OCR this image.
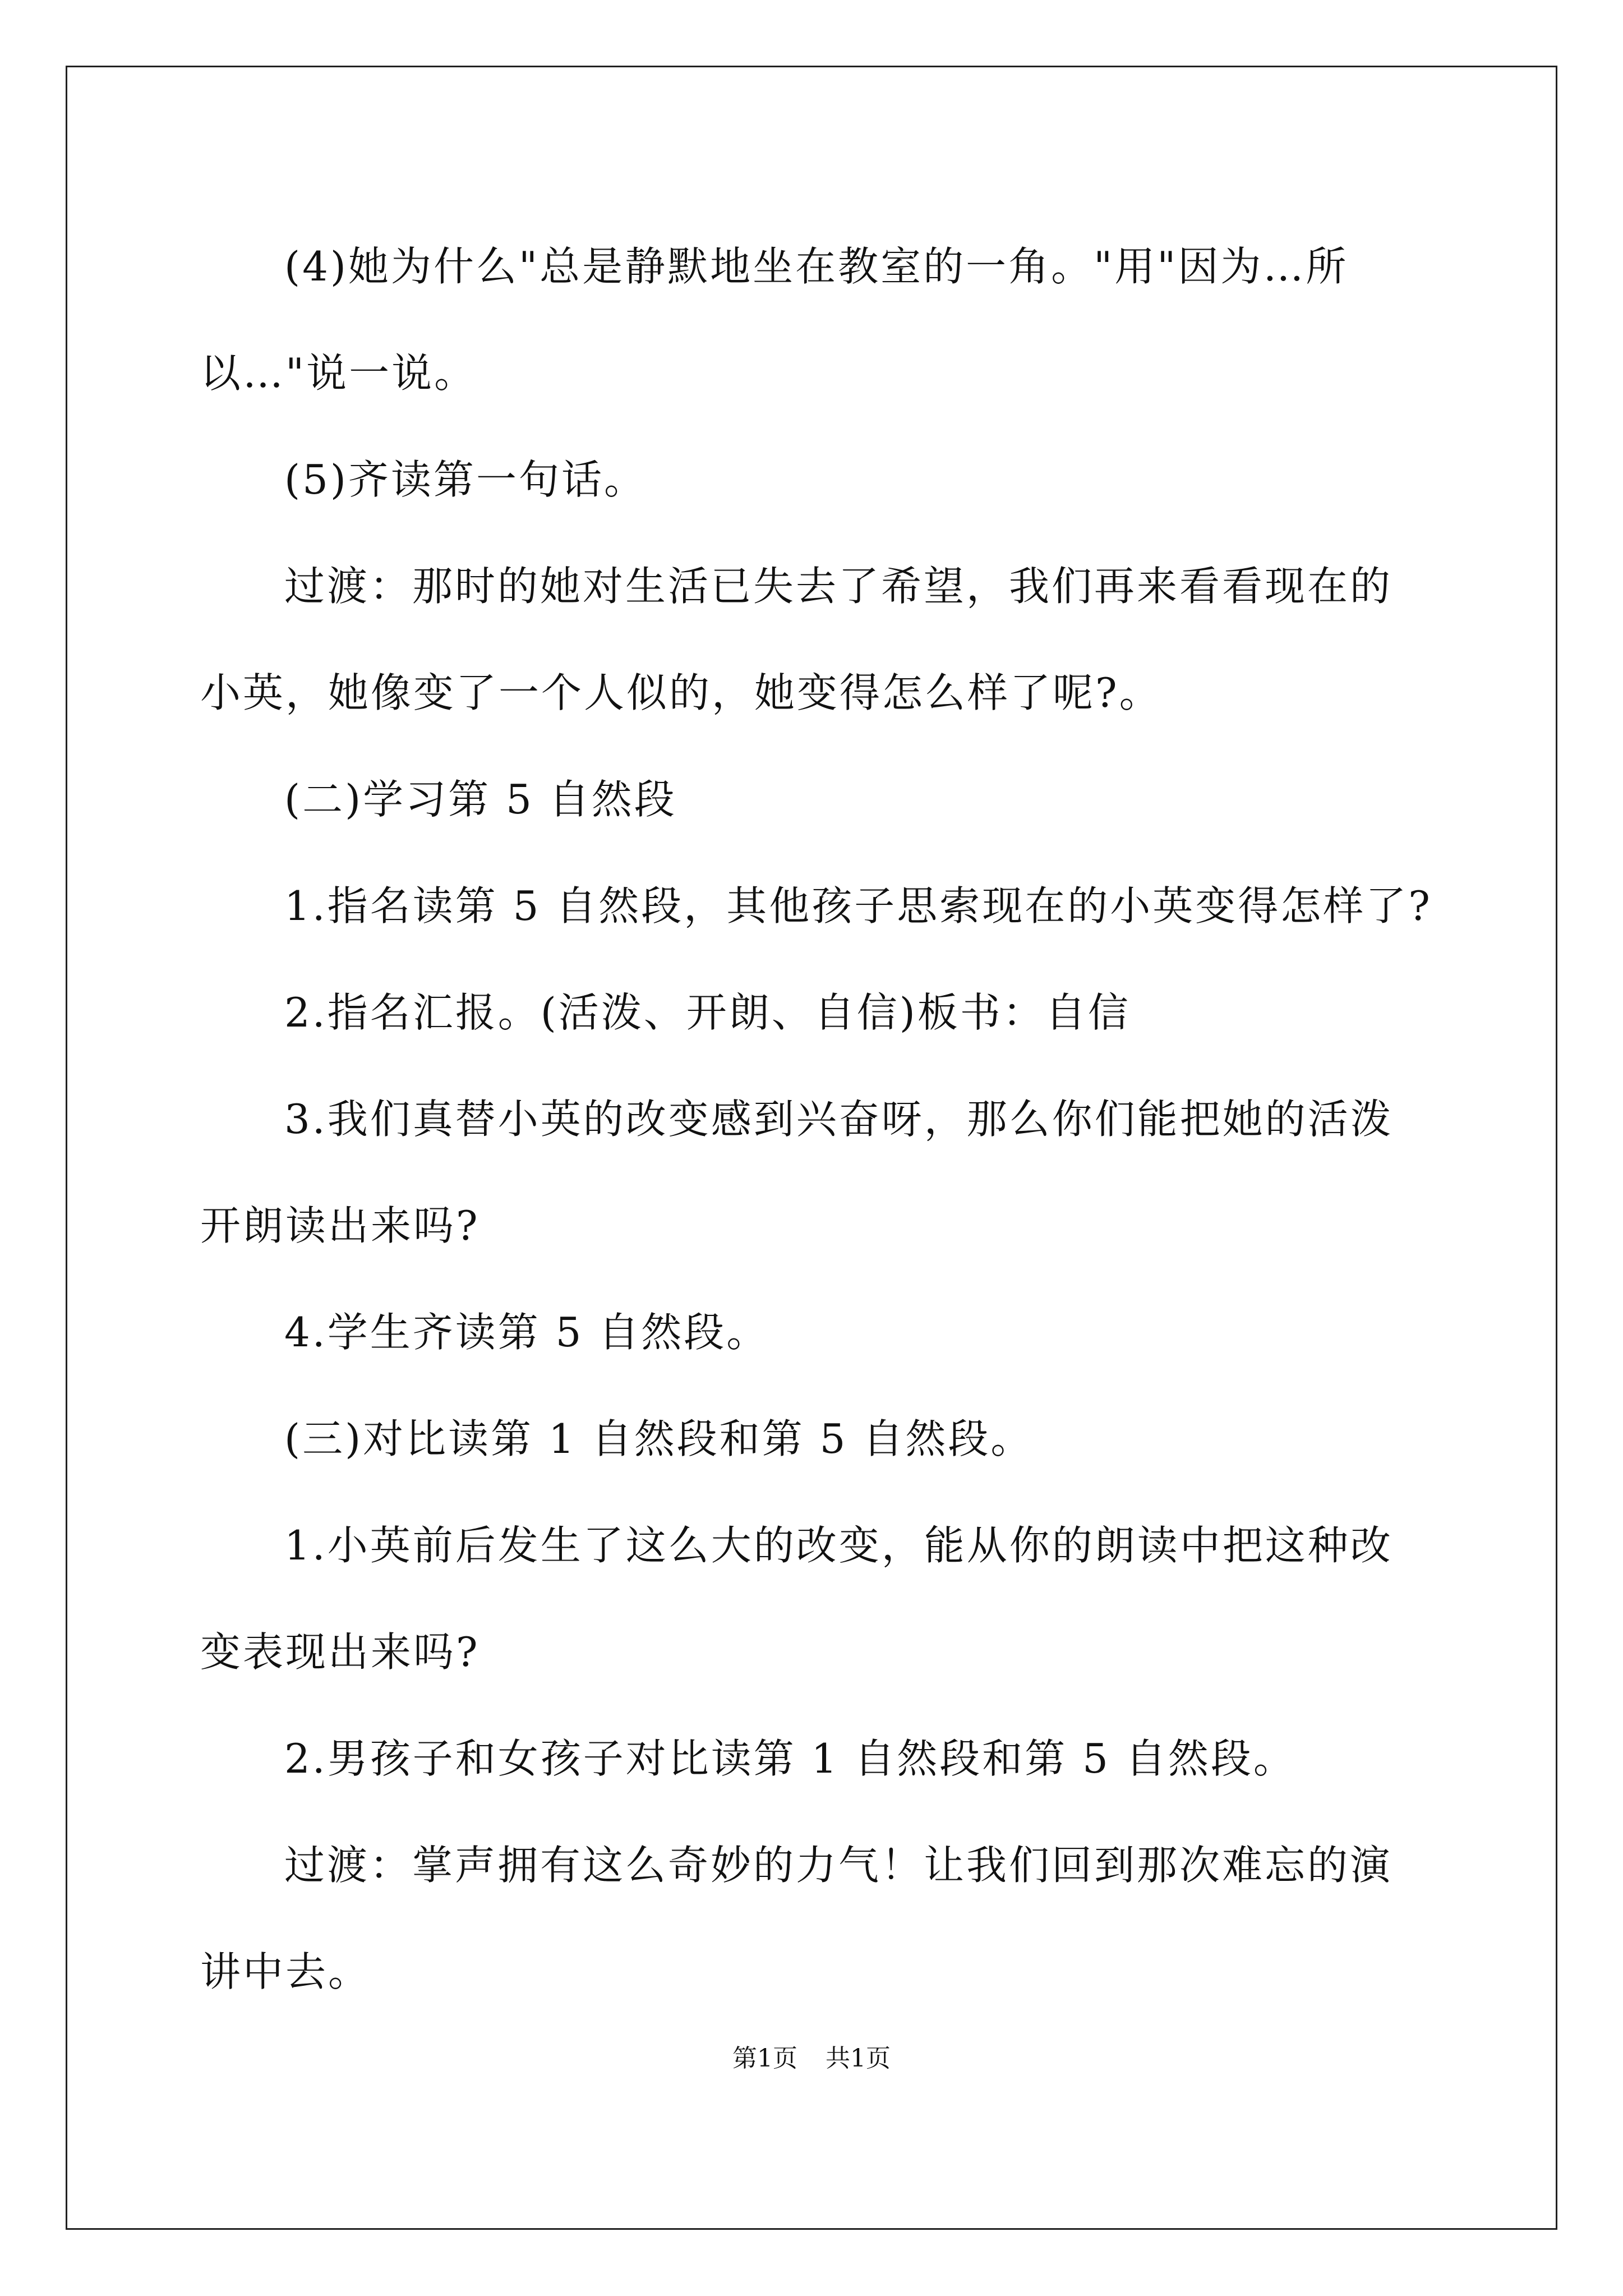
(4)她为什么"总是静默地坐在教室的一角。"用"因为…所以…"说一说。

(5)齐读第一句话。

过渡：那时的她对生活已失去了希望，我们再来看看现在的小英，她像变了一个人似的，她变得怎么样了呢?。

(二)学习第 5 自然段

1.指名读第 5 自然段，其他孩子思索现在的小英变得怎样了?

2.指名汇报。(活泼、开朗、自信)板书：自信

3.我们真替小英的改变感到兴奋呀，那么你们能把她的活泼开朗读出来吗?

4.学生齐读第 5 自然段。

(三)对比读第 1 自然段和第 5 自然段。

1.小英前后发生了这么大的改变，能从你的朗读中把这种改变表现出来吗?

2.男孩子和女孩子对比读第 1 自然段和第 5 自然段。

过渡：掌声拥有这么奇妙的力气！让我们回到那次难忘的演讲中去。

第1页 共1页
